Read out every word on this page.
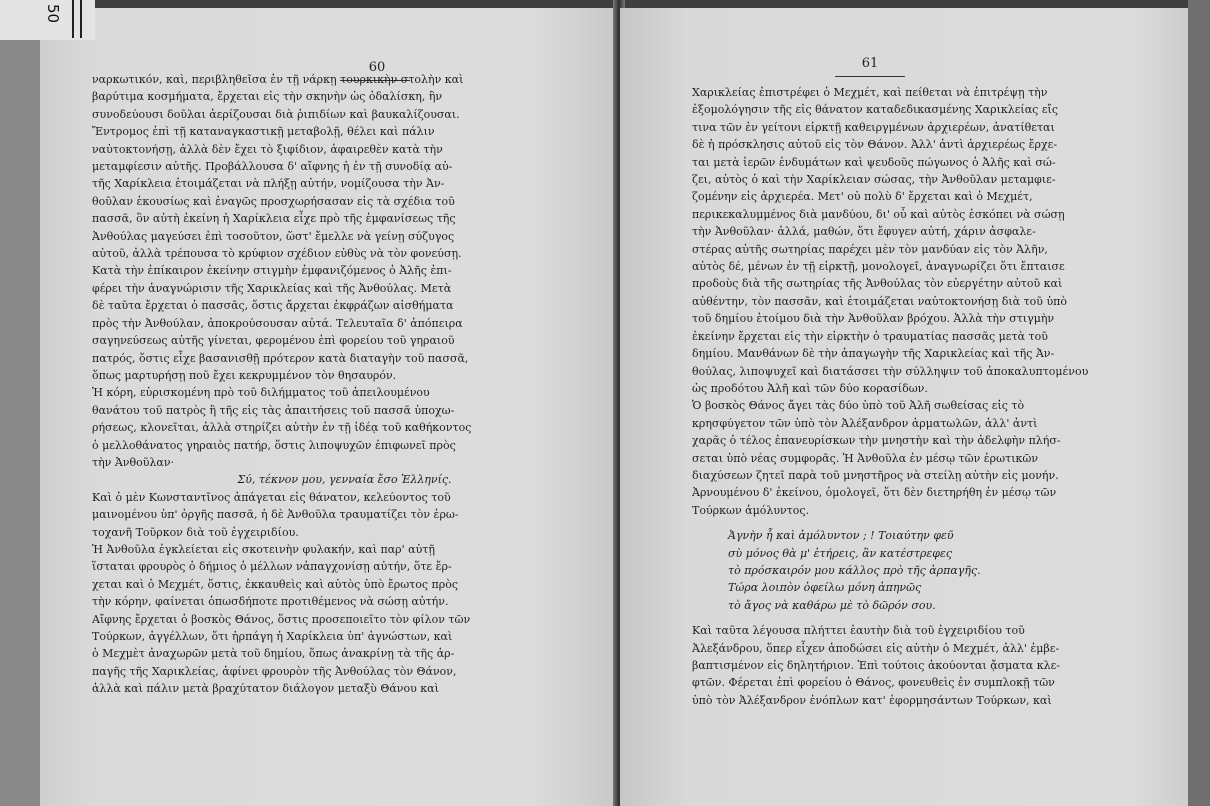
60
ναρκωτικόν, καὶ, περιβληθεῖσα ἐν τῇ νάρκῃ τουρκικὴν στολὴν καὶ
βαρύτιμα κοσμήματα, ἔρχεται εἰς τὴν σκηνὴν ὡς ὀδαλίσκη, ἣν
συνοδεύουσι δοῦλαι ἀερίζουσαι διὰ ῥιπιδίων καὶ βαυκαλίζουσαι.
Ἔντρομος ἐπὶ τῇ καταναγκαστικῇ μεταβολῇ, θέλει καὶ πάλιν
ναὐτοκτονήσῃ, ἀλλὰ δὲν ἔχει τὸ ξιφίδιον, ἀφαιρεθὲν κατὰ τὴν
μεταμφίεσιν αὐτῆς. Προβάλλουσα δ' αἴφνης ἡ ἐν τῇ συνοδίᾳ αὐ-
τῆς Χαρίκλεια ἑτοιμάζεται νὰ πλήξῃ αὐτήν, νομίζουσα τὴν Ἀν-
θοῦλαν ἑκουσίως καὶ ἐναγῶς προσχωρήσασαν εἰς τὰ σχέδια τοῦ
πασσᾶ, ὃν αὐτὴ ἐκείνη ἡ Χαρίκλεια εἶχε πρὸ τῆς ἐμφανίσεως τῆς
Ἀνθούλας μαγεύσει ἐπὶ τοσοῦτον, ὥστ' ἔμελλε νὰ γείνῃ σύζυγος
αὐτοῦ, ἀλλὰ τρέπουσα τὸ κρύφιον σχέδιον εὐθὺς νὰ τὸν φονεύσῃ.
Κατὰ τὴν ἐπίκαιρον ἐκείνην στιγμὴν ἐμφανιζόμενος ὁ Ἀλῆς ἐπι-
φέρει τὴν ἀναγνώρισιν τῆς Χαρικλείας καὶ τῆς Ἀνθούλας. Μετὰ
δὲ ταῦτα ἔρχεται ὁ πασσᾶς, ὅστις ἄρχεται ἐκφράζων αἰσθήματα
πρὸς τὴν Ἀνθούλαν, ἀποκρούσουσαν αὐτά. Τελευταῖα δ' ἀπόπειρα
σαγηνεύσεως αὐτῆς γίνεται, φερομένου ἐπὶ φορείου τοῦ γηραιοῦ
πατρός, ὅστις εἶχε βασανισθῇ πρότερον κατὰ διαταγὴν τοῦ πασσᾶ,
ὅπως μαρτυρήσῃ ποῦ ἔχει κεκρυμμένον τὸν θησαυρόν.
Ἡ κόρη, εὑρισκομένη πρὸ τοῦ διλήμματος τοῦ ἀπειλουμένου
θανάτου τοῦ πατρὸς ἢ τῆς εἰς τὰς ἀπαιτήσεις τοῦ πασσᾶ ὑποχω-
ρήσεως, κλονεῖται, ἀλλὰ στηρίζει αὐτὴν ἐν τῇ ἰδέᾳ τοῦ καθήκοντος
ὁ μελλοθάνατος γηραιὸς πατήρ, ὅστις λιποψυχῶν ἐπιφωνεῖ πρὸς
τὴν Ἀνθοῦλαν·
Σύ, τέκνον μου, γενναία ἔσο Ἑλληνίς.
Καὶ ὁ μὲν Κωνσταντῖνος ἀπάγεται εἰς θάνατον, κελεύοντος τοῦ
μαινομένου ὑπ' ὀργῆς πασσᾶ, ἡ δὲ Ἀνθοῦλα τραυματίζει τὸν ἐρω-
τοχανῆ Τοῦρκον διὰ τοῦ ἐγχειριδίου.
Ἡ Ἀνθοῦλα ἐγκλείεται εἰς σκοτεινὴν φυλακήν, καὶ παρ' αὐτῇ
ἵσταται φρουρὸς ὁ δήμιος ὁ μέλλων νἀπαγχονίσῃ αὐτήν, ὅτε ἔρ-
χεται καὶ ὁ Μεχμέτ, ὅστις, ἐκκαυθεὶς καὶ αὐτὸς ὑπὸ ἔρωτος πρὸς
τὴν κόρην, φαίνεται ὁπωσδήποτε προτιθέμενος νὰ σώσῃ αὐτήν.
Αἴφνης ἔρχεται ὁ βοσκὸς Θάνος, ὅστις προσεποιεῖτο τὸν φίλον τῶν
Τούρκων, ἀγγέλλων, ὅτι ἡρπάγη ἡ Χαρίκλεια ὑπ' ἀγνώστων, καὶ
ὁ Μεχμὲτ ἀναχωρῶν μετὰ τοῦ δημίου, ὅπως ἀνακρίνῃ τὰ τῆς ἁρ-
παγῆς τῆς Χαρικλείας, ἀφίνει φρουρὸν τῆς Ἀνθούλας τὸν Θάνον,
ἀλλὰ καὶ πάλιν μετὰ βραχύτατον διάλογον μεταξὺ Θάνου καὶ
61
Χαρικλείας ἐπιστρέφει ὁ Μεχμέτ, καὶ πείθεται νὰ ἐπιτρέψῃ τὴν
ἐξομολόγησιν τῆς εἰς θάνατον καταδεδικασμένης Χαρικλείας εἴς
τινα τῶν ἐν γείτονι εἱρκτῇ καθειργμένων ἀρχιερέων, ἀνατίθεται
δὲ ἡ πρόσκλησις αὐτοῦ εἰς τὸν Θάνον. Ἀλλ' ἀντὶ ἀρχιερέως ἔρχε-
ται μετὰ ἱερῶν ἐνδυμάτων καὶ ψευδοῦς πώγωνος ὁ Ἀλῆς καὶ σώ-
ζει, αὐτὸς ὁ καὶ τὴν Χαρίκλειαν σώσας, τὴν Ἀνθοῦλαν μεταμφιε-
ζομένην εἰς ἀρχιερέα. Μετ' οὐ πολὺ δ' ἔρχεται καὶ ὁ Μεχμέτ,
περικεκαλυμμένος διὰ μανδύου, δι' οὗ καὶ αὐτὸς ἐσκόπει νὰ σώσῃ
τὴν Ἀνθοῦλαν· ἀλλά, μαθών, ὅτι ἔφυγεν αὐτή, χάριν ἀσφαλε-
στέρας αὐτῆς σωτηρίας παρέχει μὲν τὸν μανδύαν εἰς τὸν Ἀλῆν,
αὐτὸς δέ, μένων ἐν τῇ εἱρκτῇ, μονολογεῖ, ἀναγνωρίζει ὅτι ἔπταισε
προδοὺς διὰ τῆς σωτηρίας τῆς Ἀνθούλας τὸν εὐεργέτην αὐτοῦ καὶ
αὐθέντην, τὸν πασσᾶν, καὶ ἑτοιμάζεται ναὐτοκτονήσῃ διὰ τοῦ ὑπὸ
τοῦ δημίου ἑτοίμου διὰ τὴν Ἀνθοῦλαν βρόχου. Ἀλλὰ τὴν στιγμὴν
ἐκείνην ἔρχεται εἰς τὴν εἱρκτὴν ὁ τραυματίας πασσᾶς μετὰ τοῦ
δημίου. Μανθάνων δὲ τὴν ἀπαγωγὴν τῆς Χαρικλείας καὶ τῆς Ἀν-
θούλας, λιποψυχεῖ καὶ διατάσσει τὴν σύλληψιν τοῦ ἀποκαλυπτομένου
ὡς προδότου Ἀλῆ καὶ τῶν δύο κορασίδων.
Ὁ βοσκὸς Θάνος ἄγει τὰς δύο ὑπὸ τοῦ Ἀλῆ σωθείσας εἰς τὸ
κρησφύγετον τῶν ὑπὸ τὸν Ἀλέξανδρον ἁρματωλῶν, ἀλλ' ἀντὶ
χαρᾶς ὁ τέλος ἐπανευρίσκων τὴν μνηστὴν καὶ τὴν ἀδελφὴν πλήσ-
σεται ὑπὸ νέας συμφορᾶς. Ἡ Ἀνθοῦλα ἐν μέσῳ τῶν ἐρωτικῶν
διαχύσεων ζητεῖ παρὰ τοῦ μνηστῆρος νὰ στείλῃ αὐτὴν εἰς μονήν.
Ἀρνουμένου δ' ἐκείνου, ὁμολογεῖ, ὅτι δὲν διετηρήθη ἐν μέσῳ τῶν
Τούρκων ἀμόλυντος.
Ἀγνὴν ἦ καὶ ἀμόλυντον ; ! Τοιαύτην φεῦ
σὺ μόνος θὰ μ' ἐτήρεις, ἂν κατέστρεφες
τὸ πρόσκαιρόν μου κάλλος πρὸ τῆς ἁρπαγῆς.
Τώρα λοιπὸν ὀφείλω μόνη ἀπηνῶς
τὸ ἄγος νὰ καθάρω μὲ τὸ δῶρόν σου.
Καὶ ταῦτα λέγουσα πλήττει ἑαυτὴν διὰ τοῦ ἐγχειριδίου τοῦ
Ἀλεξάνδρου, ὅπερ εἶχεν ἀποδώσει εἰς αὐτὴν ὁ Μεχμέτ, ἀλλ' ἐμβε-
βαπτισμένον εἰς δηλητήριον. Ἐπὶ τούτοις ἀκούονται ᾄσματα κλε-
φτῶν. Φέρεται ἐπὶ φορείου ὁ Θάνος, φονευθεὶς ἐν συμπλοκῇ τῶν
ὑπὸ τὸν Ἀλέξανδρον ἐνόπλων κατ' ἐφορμησάντων Τούρκων, καὶ
50
